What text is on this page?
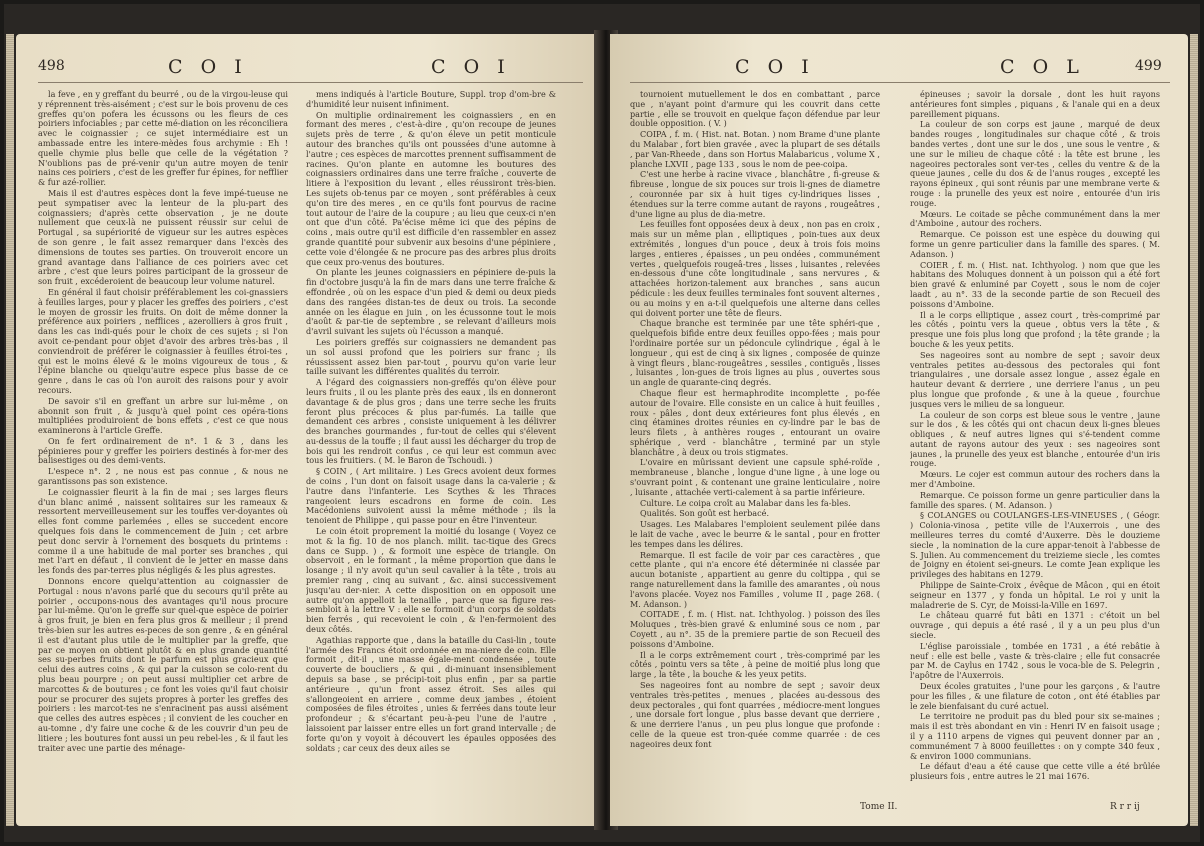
498	C O I	C O I

la feve , en y greffant du beurré , ou de la virgou-leuse qui y réprennent très-aisément ; c'est sur le bois provenu de ces greffes qu'on pofera les écussons ou les fleurs de ces poiriers infociables ; par cette mé-diation on les réconciliera avec le coignassier ; ce sujet intermédiaire est un ambassade entre les intere-mèdes fous archymie : Eh ! quelle chymie plus belle que celle de la végétation ? N'oublions pas de pré-venir qu'un autre moyen de tenir nains ces poiriers , c'est de les greffer fur épines, for nefflier & fur azé-rollier.

Mais il est d'autres espèces dont la feve impé-tueuse ne peut sympatiser avec la lenteur de la plu-part des coignassiers; d'après cette observation , je ne doute nullement que ceux-là ne puissent réussir sur celui de Portugal , sa supériorité de vigueur sur les autres espèces de son genre , le fait assez remarquer dans l'excès des dimensions de toutes ses parties. On trouveroit encore un grand avantage dans l'alliance de ces poiriers avec cet arbre , c'est que leurs poires participant de la grosseur de son fruit , excéderoient de beaucoup leur volume naturel.

En général il faut choisir préférablement les coi-gnassiers à feuilles larges, pour y placer les greffes des poiriers , c'est le moyen de grossir les fruits. On doit de même donner la préférence aux poiriers , nefflices , azerolliers à gros fruit , dans les cas indi-qués pour le choix de ces sujets ; si l'on avoit ce-pendant pour objet d'avoir des arbres très-bas , il conviendroit de préférer le coignassier à feuilles étroi-tes , qui est le moins élevé & le moins vigoureux de tous , & l'épine blanche ou quelqu'autre espece plus basse de ce genre , dans le cas où l'on auroit des raisons pour y avoir recours.

De savoir s'il en greffant un arbre sur lui-même , on abonnit son fruit , & jusqu'à quel point ces opéra-tions multipliées produiroient de bons effets , c'est ce que nous examinerons à l'article Greffe.

On fe fert ordinairement de n°. 1 & 3 , dans les pépinieres pour y greffer les poiriers destinés à for-mer des balisestiges ou des demi-vents.

L'espece n°. 2 , ne nous est pas connue , & nous ne garantissons pas son existence.

Le coignassier fleurit à la fin de mai ; ses larges fleurs d'un blanc animé , naissent solitaires sur les rameaux & ressortent merveilleusement sur les touffes ver-doyantes où elles font comme parlemées , elles se succedent encore quelques fois dans le commencement de Juin ; cet arbre peut donc servir à l'ornement des bosquets du printems : comme il a une habitude de mal porter ses branches , qui met l'art en défaut , il convient de le jetter en masse dans les fonds des par-terres plus négligés & les plus agrestes.

Donnons encore quelqu'attention au coignassier de Portugal : nous n'avons parlé que du secours qu'il prête au poirier , occupons-nous des avantages qu'il nous procure par lui-même. Qu'on le greffe sur quel-que espèce de poirier à gros fruit, je bien en fera plus gros & meilleur ; il prend très-bien sur les autres es-peces de son genre , & en général il est d'autant plus utile de le multiplier par la greffe, que par ce moyen on obtient plutôt & en plus grande quantité ses su-perbes fruits dont le parfum est plus gracieux que celui des autres coins , & qui par la cuisson se colo-rent du plus beau pourpre ; on peut aussi multiplier cet arbre de marcottes & de boutures ; ce font les voies qu'il faut choisir pour se procurer des sujets propres à porter les greffes des poiriers : les marcot-tes ne s'enracinent pas aussi aisément que celles des autres espèces ; il convient de les coucher en au-tomne , d'y faire une coche & de les couvrir d'un peu de litiere ; les boutures font aussi un peu rebel-les , & il faut les traiter avec une partie des ménage-

mens indiqués à l'article Bouture, Suppl. trop d'om-bre & d'humidité leur nuisent infiniment.

On multiplie ordinairement les coignassiers , en en formant des meres , c'est-à-dire , qu'on recoupe de jeunes sujets près de terre , & qu'on éleve un petit monticule autour des branches qu'ils ont poussées d'une automne à l'autre ; ces espèces de marcottes prennent suffisamment de racines. Qu'on plante en automne les boutures des coignassiers ordinaires dans une terre fraîche , couverte de litiere à l'exposition du levant , elles réussiront très-bien. Les sujets ob-tenus par ce moyen , sont préférables à ceux qu'on tire des meres , en ce qu'ils font pourvus de racine tout autour de l'aire de la coupure ; au lieu que ceux-ci n'en ont que d'un côté. Pa'écise même ici que des pépins de coins , mais outre qu'il est difficile d'en rassembler en assez grande quantité pour subvenir aux besoins d'une pépiniere , cette voie d'élongée & ne procure pas des arbres plus droits que ceux pro-venus des boutures.

On plante les jeunes coignassiers en pépiniere de-puis la fin d'octobre jusqu'à la fin de mars dans une terre fraîche & effondrée , où on les espace d'un pied & demi ou deux pieds dans des rangées distan-tes de deux ou trois. La seconde année on les élague en juin , on les écussonne tout le mois d'août & par-tie de septembre , se relevant d'ailleurs mois d'avril suivant les sujets où l'écusson a manqué.

Les poiriers greffés sur coignassiers ne demandent pas un sol aussi profond que les poiriers sur franc ; ils réussissent assez bien par-tout , pourvu qu'on varie leur taille suivant les différentes qualités du terroir.

A l'égard des coignassiers non-greffés qu'on élève pour leurs fruits , il ou les plante près des eaux , ils en donneront davantage & de plus gros ; dans une terre seche les fruits feront plus précoces & plus par-fumés. La taille que demandent ces arbres , consiste uniquement à les délivrer des branches gourmandes , fur-tout de celles qui s'élevent au-dessus de la touffe ; il faut aussi les décharger du trop de bois qui les rendroit confus , ce qui leur est commun avec tous les fruitiers. ( M. le Baron de Tschoudi. )

§ COIN , ( Art militaire. ) Les Grecs avoient deux formes de coins , l'un dont on faisoit usage dans la ca-valerie ; & l'autre dans l'infanterie. Les Scythes & les Thraces rangeoient leurs escadrons en forme de coin. Les Macédoniens suivoient aussi la même méthode ; ils la tenoient de Philippe , qui passe pour en être l'inventeur.

Le coin étoit proprement la moitié du losange ( Voyez ce mot & la fig. 10 de nos planch. milit. tac-tique des Grecs dans ce Supp. ) , & formoit une espèce de triangle. On observoit , en le formant , la même proportion que dans le losange ; il n'y avoit qu'un seul cavalier à la tête , trois au premier rang , cinq au suivant , &c. ainsi successivement jusqu'au der-nier. A cette disposition on en opposoit une autre qu'on appelloit la tenaille , parce que sa figure res-sembloit à la lettre V : elle se formoit d'un corps de soldats bien ferrés , qui recevoient le coin , & l'en-fermoient des deux côtés.

Agathias rapporte que , dans la bataille du Casi-lin , toute l'armée des Francs étoit ordonnée en ma-niere de coin. Elle formoit , dit-il , une masse égale-ment condensée , toute couverte de boucliers , & qui , di-minuant insensiblement depuis sa base , se précipi-toit plus enfin , par sa partie antérieure , qu'un front assez étroit. Ses ailes qui s'allongeoient en arriere , comme deux jambes , étoient composées de files étroites , unies & ferrées dans toute leur profondeur ; & s'écartant peu-à-peu l'une de l'autre , laissoient par laisser entre elles un fort grand intervalle ; de forte qu'on y voyoit à découvert les épaules opposées des soldats ; car ceux des deux ailes se

C O I	C O L	499

tournoient mutuellement le dos en combattant , parce que , n'ayant point d'armure qui les couvrit dans cette partie , elle se trouvoit en quelque façon défendue par leur double opposition. ( V. )

COIPA , f. m. ( Hist. nat. Botan. ) nom Brame d'une plante du Malabar , fort bien gravée , avec la plupart de ses détails , par Van-Rheede , dans son Hortus Malabaricus , volume X , planche LXVII , page 133 , sous le nom de pee-coipa.

C'est une herbe à racine vivace , blanchâtre , fi-greuse & fibreuse , longue de six pouces sur trois li-gnes de diametre , couronnée par six à huit tiges cy-lindriques lisses , étendues sur la terre comme autant de rayons , rougeâtres , d'une ligne au plus de dia-metre.

Les feuilles font opposées deux à deux , non pas en croix , mais sur un même plan , elliptiques , poin-tues aux deux extrémités , longues d'un pouce , deux à trois fois moins larges , entieres , épaisses , un peu ondées , communément vertes , quelquefois rougeâ-tres , lisses , luisantes , relevées en-dessous d'une côte longitudinale , sans nervures , & attachées horizon-talement aux branches , sans aucun pédicule : les deux feuilles terminales font souvent alternes , ou au moins y en a-t-il quelquefois une alterne dans celles qui doivent porter une tête de fleurs.

Chaque branche est terminée par une tête sphéri-que , quelquefois bifide entre deux feuilles oppo-fées ; mais pour l'ordinaire portée sur un pédoncule cylindrique , égal à le longueur , qui est de cinq à six lignes , composée de quinze à vingt fleurs , blanc-rougeâtres , sessiles , contiguës , lisses , luisantes , lon-gues de trois lignes au plus , ouvertes sous un angle de quarante-cinq degrés.

Chaque fleur est hermaphrodite incomplette , po-fée autour de l'ovaire. Elle consiste en un calice à huit feuilles , roux - pâles , dont deux extérieures font plus élevés , en cinq étamines droites réunies en cy-lindre par le bas de leurs filets , à anthères rouges , entourant un ovaire sphérique , verd - blanchâtre , terminé par un style blanchâtre , à deux ou trois stigmates.

L'ovaire en mûrissant devient une capsule sphé-roïde , membraneuse , blanche , longue d'une ligne , à une loge ou s'ouvrant point , & contenant une graine lenticulaire , noire , luisante , attachée verti-calement à sa partie inférieure.

Culture. Le coipa croît au Malabar dans les fa-bles.

Qualités. Son goût est herbacé.

Usages. Les Malabares l'emploient seulement pilée dans le lait de vache , avec le beurre & le santal , pour en frotter les tempes dans les délires.

Remarque. Il est facile de voir par ces caractères , que cette plante , qui n'a encore été déterminée ni classée par aucun botaniste , appartient au genre du coltippa , qui se range naturellement dans la famille des amarantes , où nous l'avons placée. Voyez nos Familles , volume II , page 268. ( M. Adanson. )

COITADE , f. m. ( Hist. nat. Ichthyolog. ) poisson des îles Moluques , très-bien gravé & enluminé sous ce nom , par Coyett , au n°. 35 de la premiere partie de son Recueil des poissons d'Amboine.

Il a le corps extrêmement court , très-comprimé par les côtés , pointu vers sa tête , à peine de moitié plus long que large , la tête , la bouche & les yeux petits.

Ses nageoires font au nombre de sept ; savoir deux ventrales très-petites , menues , placées au-dessous des deux pectorales , qui font quarrées , médiocre-ment longues , une dorsale fort longue , plus basse devant que derriere , & une derriere l'anus , un peu plus longue que profonde : celle de la queue est tron-quée comme quarrée : de ces nageoires deux font

épineuses ; savoir la dorsale , dont les huit rayons antérieures font simples , piquans , & l'anale qui en a deux pareillement piquans.

La couleur de son corps est jaune , marqué de deux bandes rouges , longitudinales sur chaque côté , & trois bandes vertes , dont une sur le dos , une sous le ventre , & une sur le milieu de chaque côté : la tête est brune , les nageoires pectorales sont ver-tes , celles du ventre & de la queue jaunes , celle du dos & de l'anus rouges , excepté les rayons épineux , qui sont réunis par une membrane verte & rouge : la prunelle des yeux est noire , entourée d'un iris rouge.

Mœurs. Le coitade se pêche communément dans la mer d'Amboine , autour des rochers.

Remarque. Ce poisson est une espèce du douwing qui forme un genre particulier dans la famille des spares. ( M. Adanson. )

COIER , f. m. ( Hist. nat. Ichthyolog. ) nom que que les habitans des Moluques donnent à un poisson qui a été fort bien gravé & enluminé par Coyett , sous le nom de cojer laadt , au n°. 33 de la seconde partie de son Recueil des poissons d'Amboine.

Il a le corps elliptique , assez court , très-comprimé par les côtés , pointu vers la queue , obtus vers la tête , & presque une fois plus long que profond ; la tête grande ; la bouche & les yeux petits.

Ses nageoires sont au nombre de sept ; savoir deux ventrales petites au-dessous des pectorales qui font triangulaires , une dorsale assez longue , assez égale en hauteur devant & derriere , une derriere l'anus , un peu plus longue que profonde , & une à la queue , fourchue jusques vers le milieu de sa longueur.

La couleur de son corps est bleue sous le ventre , jaune sur le dos , & les côtés qui ont chacun deux li-gnes bleues obliques , & neuf autres lignes qui s'é-tendent comme autant de rayons autour des yeux : ses nageoires sont jaunes , la prunelle des yeux est blanche , entourée d'un iris rouge.

Mœurs. Le cojer est commun autour des rochers dans la mer d'Amboine.

Remarque. Ce poisson forme un genre particulier dans la famille des spares. ( M. Adanson. )

§ COLANGES ou COULANGES-LES-VINEUSES , ( Géogr. ) Colonia-vinosa , petite ville de l'Auxerrois , une des meilleures terres du comté d'Auxerre. Dès le douzieme siecle , la nomination de la cure appar-tenoit à l'abbesse de S. Julien. Au commencement du treizieme siecle , les comtes de Joigny en étoient sei-gneurs. Le comte Jean explique les privileges des habitans en 1279.

Philippe de Sainte-Croix , évêque de Mâcon , qui en étoit seigneur en 1377 , y fonda un hôpital. Le roi y unit la maladrerie de S. Cyr, de Moissi-la-Ville en 1697.

Le château quarré fut bâti en 1371 : c'étoit un bel ouvrage , qui depuis a été rasé , il y a un peu plus d'un siecle.

L'église paroissiale , tombée en 1731 , a été rebâtie à neuf : elle est belle , vaste & très-claire ; elle fut consacrée par M. de Caylus en 1742 , sous le voca-ble de S. Pelegrin , l'apôtre de l'Auxerrois.

Deux écoles gratuites , l'une pour les garçons , & l'autre pour les filles , & une filature de coton , ont été établies par le zele bienfaisant du curé actuel.

Le territoire ne produit pas du bled pour six se-maines ; mais il est très abondant en vin : Henri IV en faisoit usage ; il y a 1110 arpens de vignes qui peuvent donner par an , communément 7 à 8000 feuillettes : on y compte 340 feux , & environ 1000 communians.

Le défaut d'eau a été cause que cette ville a été brûlée plusieurs fois , entre autres le 21 mai 1676.

Tome II.	R r r ij
